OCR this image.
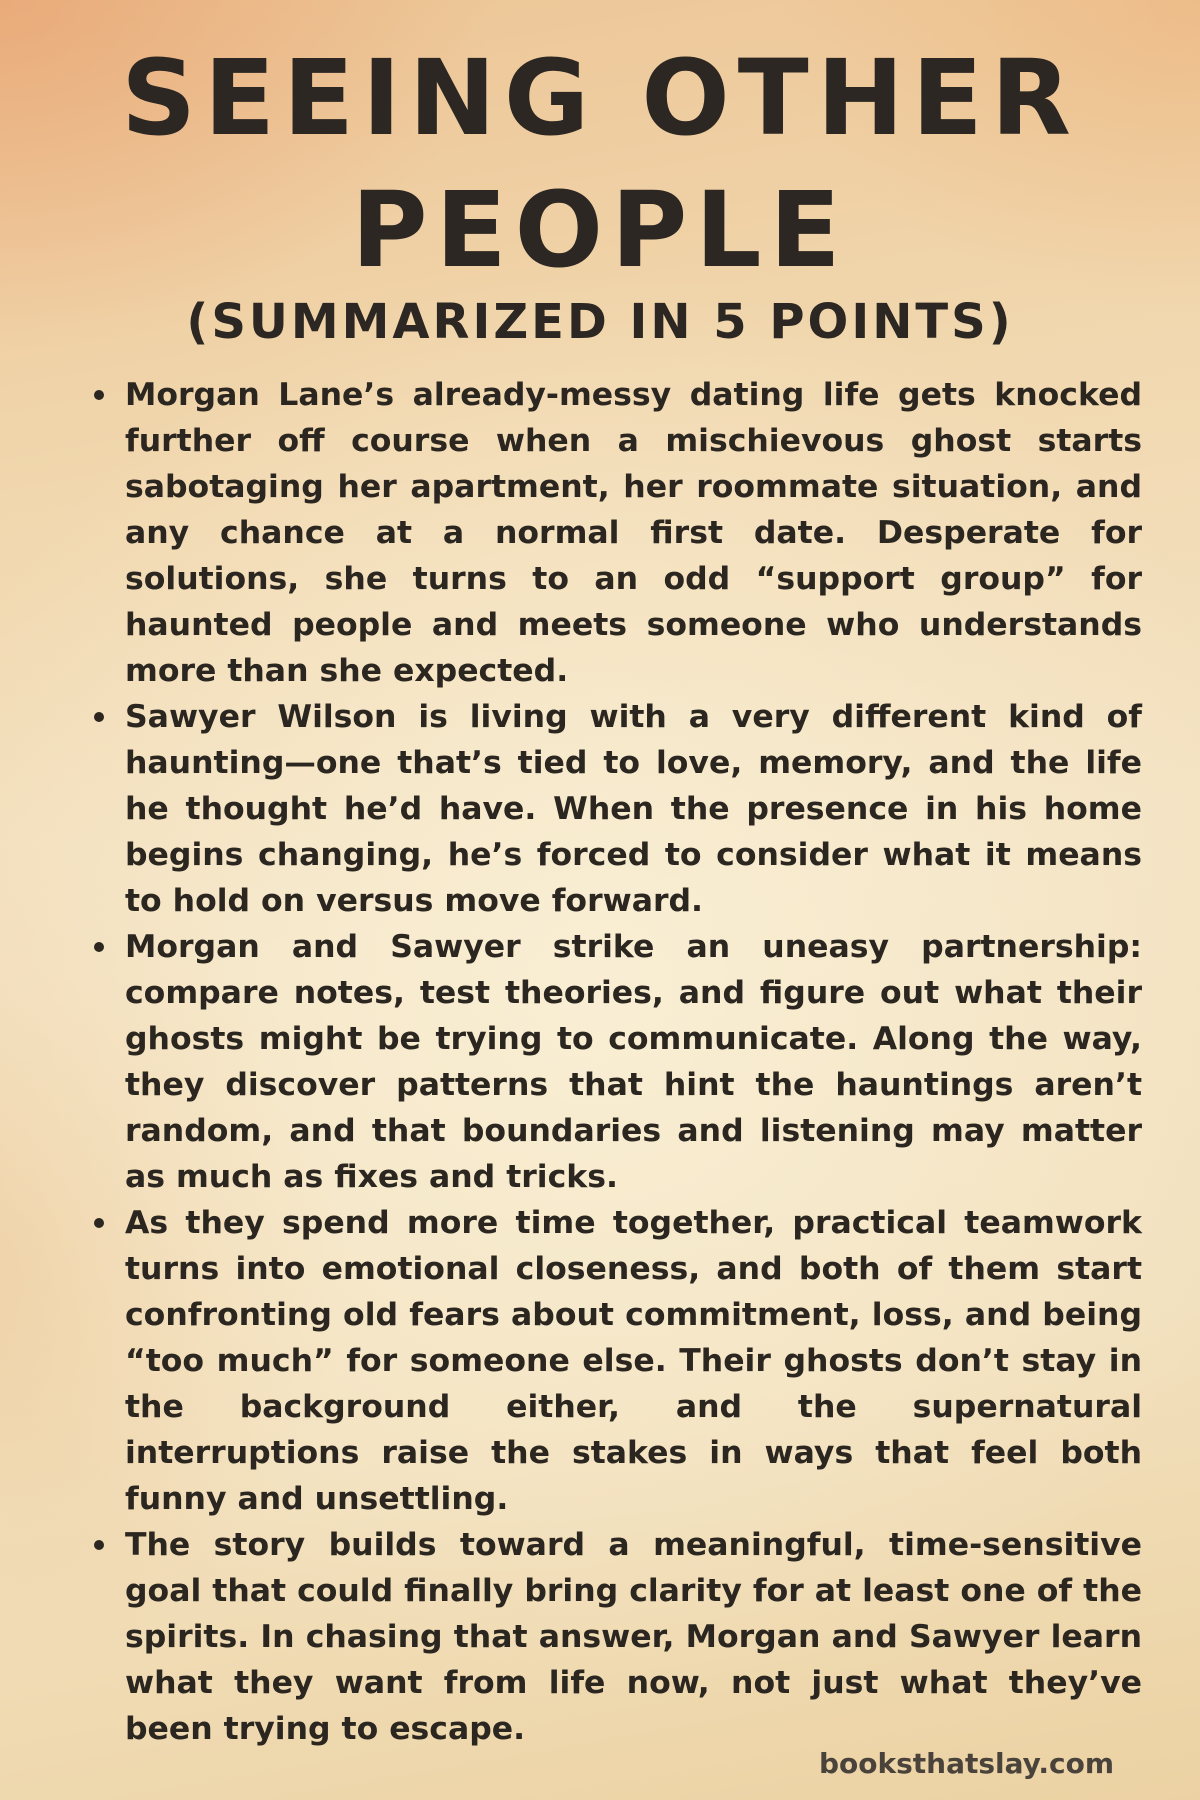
SEEING OTHER
PEOPLE
(SUMMARIZED IN 5 POINTS)
Morgan Lane’s already-messy dating life gets knocked further off course when a mischievous ghost starts sabotaging her apartment, her roommate situation, and any chance at a normal first date. Desperate for solutions, she turns to an odd “support group” for haunted people and meets someone who understands more than she expected.
Sawyer Wilson is living with a very different kind of haunting—one that’s tied to love, memory, and the life he thought he’d have. When the presence in his home begins changing, he’s forced to consider what it means to hold on versus move forward.
Morgan and Sawyer strike an uneasy partnership: compare notes, test theories, and figure out what their ghosts might be trying to communicate. Along the way, they discover patterns that hint the hauntings aren’t random, and that boundaries and listening may matter as much as fixes and tricks.
As they spend more time together, practical teamwork turns into emotional closeness, and both of them start confronting old fears about commitment, loss, and being “too much” for someone else. Their ghosts don’t stay in the background either, and the supernatural interruptions raise the stakes in ways that feel both funny and unsettling.
The story builds toward a meaningful, time-sensitive goal that could finally bring clarity for at least one of the spirits. In chasing that answer, Morgan and Sawyer learn what they want from life now, not just what they’ve been trying to escape.
booksthatslay.com
